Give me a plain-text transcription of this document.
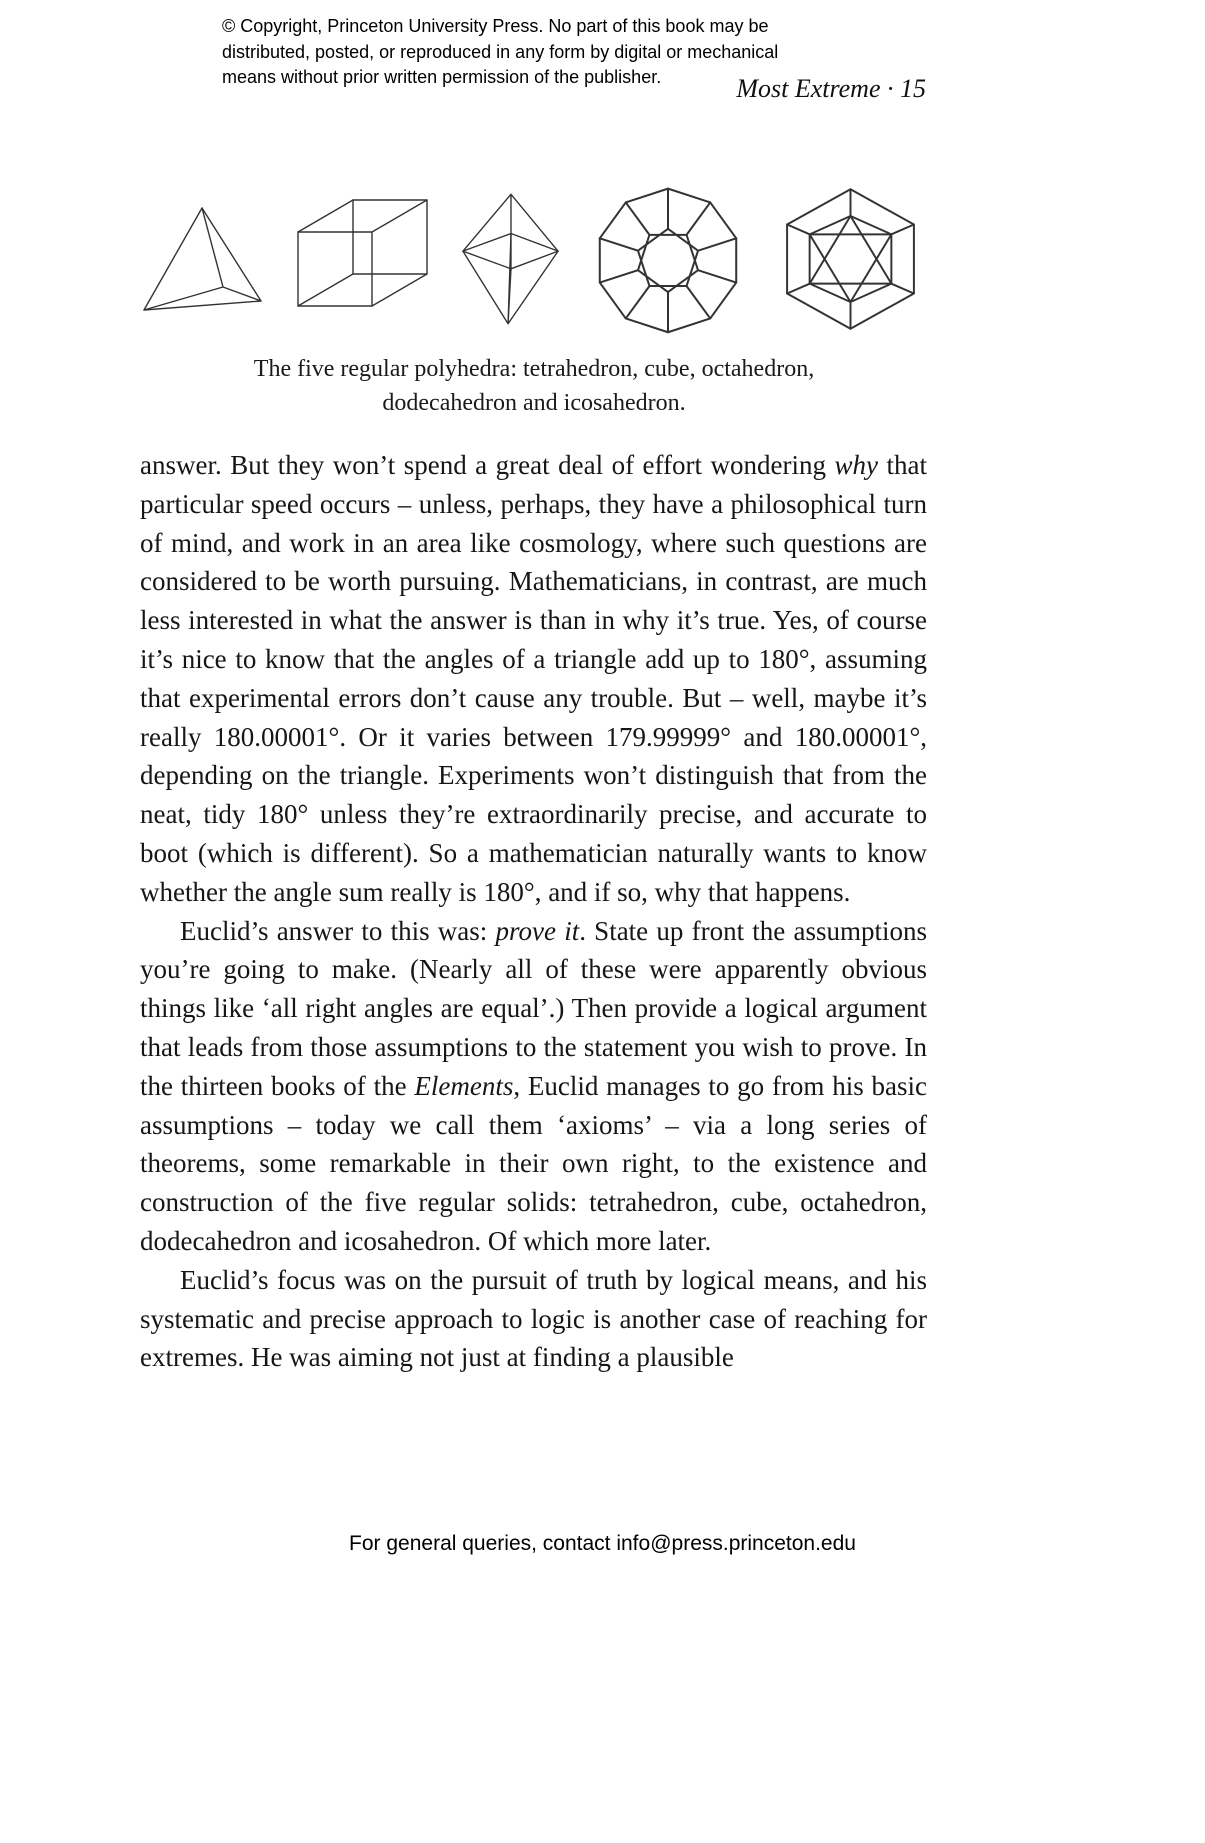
© Copyright, Princeton University Press. No part of this book may be
distributed, posted, or reproduced in any form by digital or mechanical
means without prior written permission of the publisher.	Most Extreme · 15
The five regular polyhedra: tetrahedron, cube, octahedron,
dodecahedron and icosahedron.

answer. But they won’t spend a great deal of effort wondering why that particular speed occurs – unless, perhaps, they have a philosophical turn of mind, and work in an area like cosmology, where such questions are considered to be worth pursuing. Mathematicians, in contrast, are much less interested in what the answer is than in why it’s true. Yes, of course it’s nice to know that the angles of a triangle add up to 180°, assuming that experimental errors don’t cause any trouble. But – well, maybe it’s really 180.00001°. Or it varies between 179.99999° and 180.00001°, depending on the triangle. Experiments won’t distinguish that from the neat, tidy 180° unless they’re extraordinarily precise, and accurate to boot (which is different). So a mathematician naturally wants to know whether the angle sum really is 180°, and if so, why that happens.

Euclid’s answer to this was: prove it. State up front the assumptions you’re going to make. (Nearly all of these were apparently obvious things like ‘all right angles are equal’.) Then provide a logical argument that leads from those assumptions to the statement you wish to prove. In the thirteen books of the Elements, Euclid manages to go from his basic assumptions – today we call them ‘axioms’ – via a long series of theorems, some remarkable in their own right, to the existence and construction of the five regular solids: tetrahedron, cube, octahedron, dodecahedron and icosahedron. Of which more later.

Euclid’s focus was on the pursuit of truth by logical means, and his systematic and precise approach to logic is another case of reaching for extremes. He was aiming not just at finding a plausible

For general queries, contact info@press.princeton.edu
